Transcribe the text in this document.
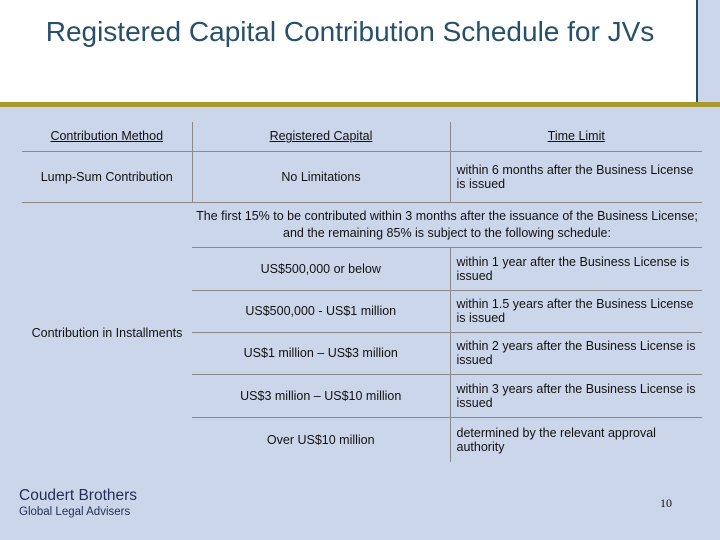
Registered Capital Contribution Schedule for JVs
Contribution Method	Registered Capital	Time Limit
Lump-Sum Contribution	No Limitations	within 6 months after the Business License is issued
Contribution in Installments	The first 15% to be contributed within 3 months after the issuance of the Business License; and the remaining 85% is subject to the following schedule:	
	US$500,000 or below	within 1 year after the Business License is issued
	US$500,000 - US$1 million	within 1.5 years after the Business License is issued
	US$1 million – US$3 million	within 2 years after the Business License is issued
	US$3 million – US$10 million	within 3 years after the Business License is issued
	Over US$10 million	determined by the relevant approval authority
Coudert Brothers
Global Legal Advisers
10
